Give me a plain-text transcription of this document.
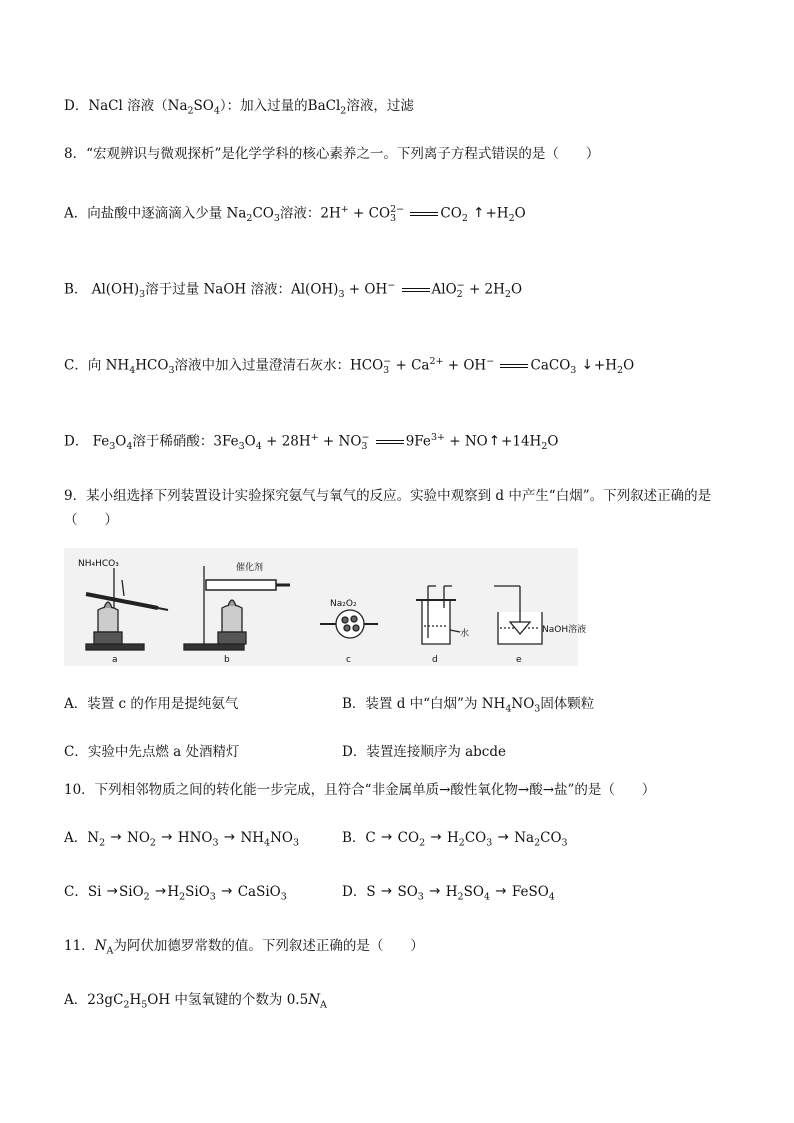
D．NaCl 溶液$(Na_2SO_4)$：加入过量的BaCl$_2$溶液，过滤
8．“宏观辨识与微观探析”是化学学科的核心素养之一。下列离子方程式错误的是（　　）
A．向盐酸中逐滴滴入少量 $Na_2CO_3$溶液：$2H^+ + CO_3^{2-}$	$CO_2$ $↑+H_2O$
B． $Al(OH)_3$溶于过量 NaOH 溶液：$Al(OH)_3 + OH^-$	$AlO_2^- + 2H_2O$
C．向 $NH_4HCO_3$溶液中加入过量澄清石灰水：$HCO_3^- + Ca^{2+} + OH^-$	CaCO$_3$ $↓+H_2O$
D． $Fe_3O_4$溶于稀硝酸：$3Fe_3O_4 + 28H^+ + NO_3^-$	$9Fe^{3+}$ + $NO↑+14H_2O$
9．某小组选择下列装置设计实验探究氨气与氧气的反应。实验中观察到 d 中产生“白烟”。下列叙述正确的是
（　　）
NH₄HCO₃	催化剂
Na₂O₂
水	NaOH溶液
a	b	c	d	e
A．装置 c 的作用是提纯氨气	B．装置 d 中“白烟”为 $NH_4NO_3$固体颗粒
C．实验中先点燃 a 处酒精灯	D．装置连接顺序为 abcde
10．下列相邻物质之间的转化能一步完成，且符合“非金属单质→酸性氧化物→酸→盐”的是（　　）
A．$N_2 \to NO_2 \to HNO_3 \to NH_4NO_3$	B．$C \to CO_2 \to H_2CO_3 \to Na_2CO_3$
C．$Si \to SiO_2 \to H_2SiO_3$ → CaSiO$_3$	D．$S \to SO_3 \to H_2SO_4$ → FeSO$_4$
11．$N_A$为阿伏加德罗常数的值。下列叙述正确的是（　　）
A．$23gC_2H_5OH$ 中氢氧键的个数为 $0.5N_A$
